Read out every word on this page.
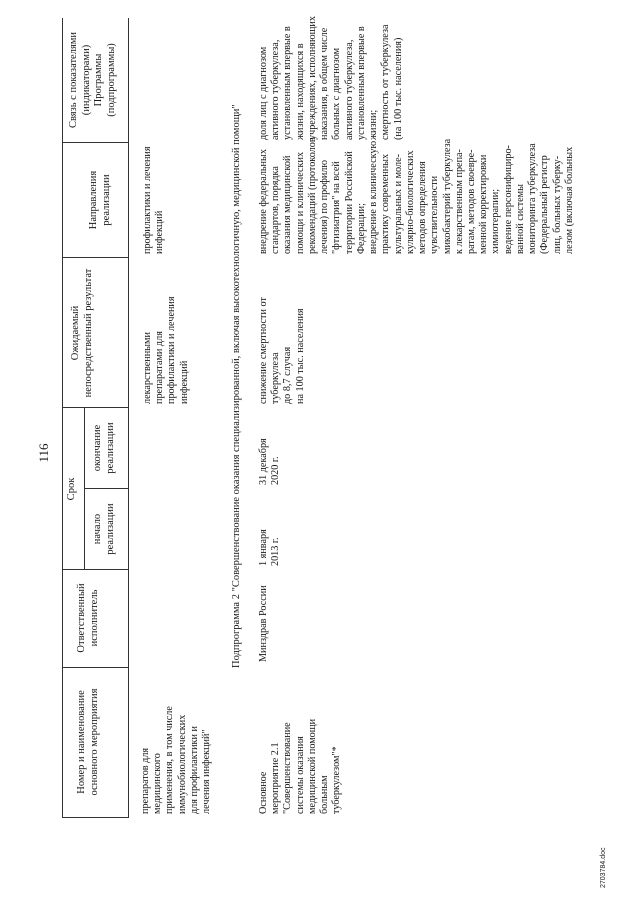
116
Номер и наименование основного мероприятия
Ответственный исполнитель
Срок
начало реализации
окончание реализации
Ожидаемый непосредственный результат
Направления реализации
Связь с показателями (индикаторами) Программы (подпрограммы)
препаратов для
медицинского
применения, в том числе
иммунобиологических
для профилактики и
лечения инфекций"
лекарственными
препаратами для
профилактики и лечения
инфекций
профилактики и лечения
инфекций	Подпрограмма 2 "Совершенствование оказания специализированной, включая высокотехнологичную, медицинской помощи"
Основное
мероприятие 2.1
"Совершенствование
системы оказания
медицинской помощи
больным
туберкулезом"*
Минздрав России
1 января
2013 г.
31 декабря
2020 г.
снижение смертности от
туберкулеза
до 8,7 случая
на 100 тыс. населения
внедрение федеральных
стандартов, порядка
оказания медицинской
помощи и клинических
рекомендаций (протоколов
лечения) по профилю
"фтизиатрия" на всей
территории Российской
Федерации;
внедрение в клиническую
практику современных
культуральных и моле-
кулярно-биологических
методов определения
чувствительности
микобактерий туберкулеза
к лекарственным препа-
ратам, методов своевре-
менной корректировки
химиотерапии;
ведение персонифициро-
ванной системы
мониторинга туберкулеза
(Федеральный регистр
лиц, больных туберку-
лезом (включая больных
доля лиц с диагнозом
активного туберкулеза,
установленным впервые в
жизни, находящихся в
учреждениях, исполняющих
наказания, в общем числе
больных с диагнозом
активного туберкулеза,
установленным впервые в
жизни;
смертность от туберкулеза
(на 100 тыс. населения)
2703784.doc
